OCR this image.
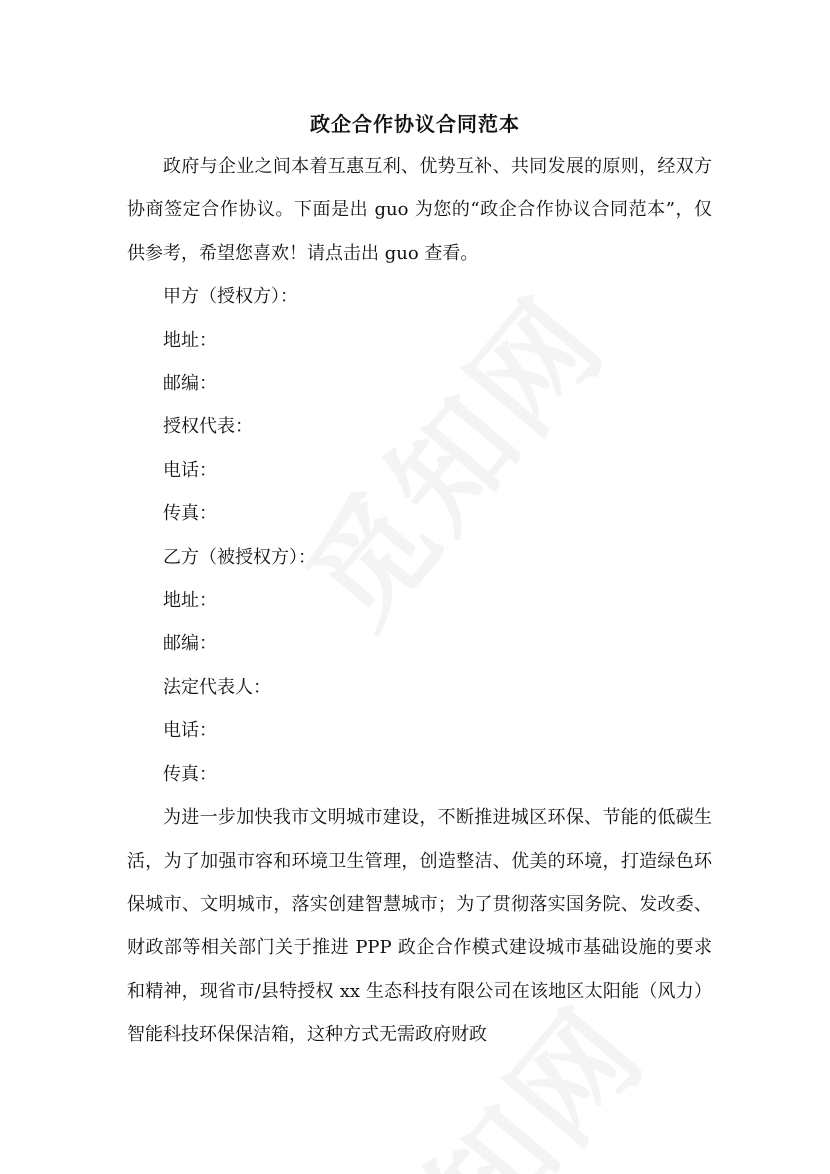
政企合作协议合同范本

政府与企业之间本着互惠互利、优势互补、共同发展的原则，经双方协商签定合作协议。下面是出 guo 为您的“政企合作协议合同范本”，仅供参考，希望您喜欢！请点击出 guo 查看。

甲方（授权方）：

地址：

邮编：

授权代表：

电话：

传真：

乙方（被授权方）：

地址：

邮编：

法定代表人：

电话：

传真：

为进一步加快我市文明城市建设，不断推进城区环保、节能的低碳生活，为了加强市容和环境卫生管理，创造整洁、优美的环境，打造绿色环保城市、文明城市，落实创建智慧城市；为了贯彻落实国务院、发改委、财政部等相关部门关于推进 PPP 政企合作模式建设城市基础设施的要求和精神，现省市/县特授权 xx 生态科技有限公司在该地区太阳能（风力）智能科技环保保洁箱，这种方式无需政府财政
